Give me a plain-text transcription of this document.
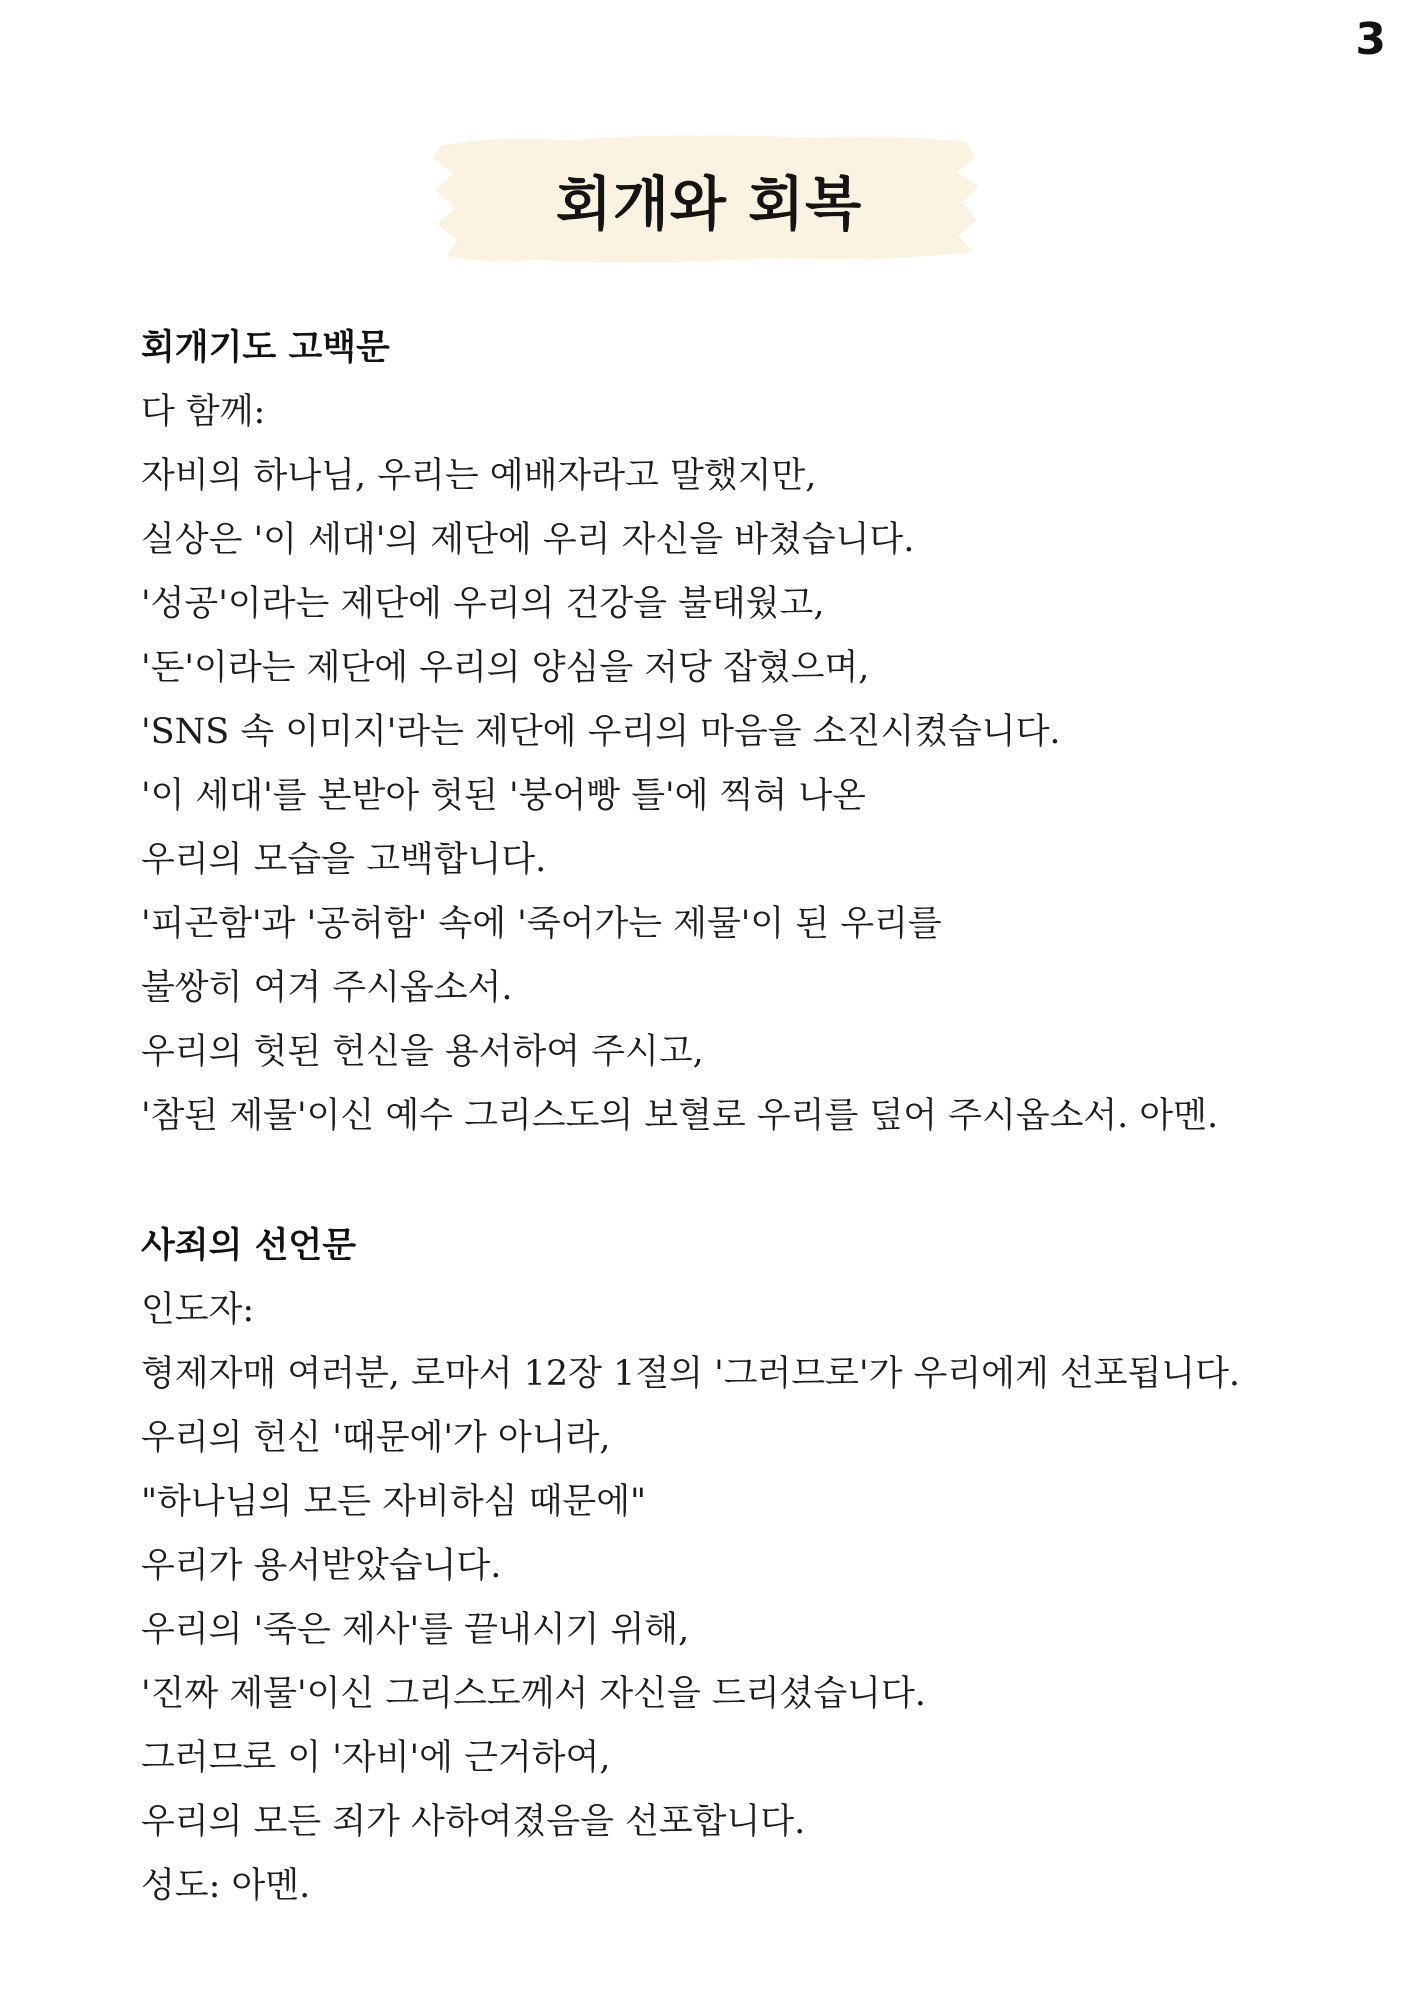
3
회개와 회복
회개기도 고백문
다 함께:
자비의 하나님, 우리는 예배자라고 말했지만,
실상은 '이 세대'의 제단에 우리 자신을 바쳤습니다.
'성공'이라는 제단에 우리의 건강을 불태웠고,
'돈'이라는 제단에 우리의 양심을 저당 잡혔으며,
'SNS 속 이미지'라는 제단에 우리의 마음을 소진시켰습니다.
'이 세대'를 본받아 헛된 '붕어빵 틀'에 찍혀 나온
우리의 모습을 고백합니다.
'피곤함'과 '공허함' 속에 '죽어가는 제물'이 된 우리를
불쌍히 여겨 주시옵소서.
우리의 헛된 헌신을 용서하여 주시고,
'참된 제물'이신 예수 그리스도의 보혈로 우리를 덮어 주시옵소서. 아멘.
사죄의 선언문
인도자:
형제자매 여러분, 로마서 12장 1절의 '그러므로'가 우리에게 선포됩니다.
우리의 헌신 '때문에'가 아니라,
"하나님의 모든 자비하심 때문에"
우리가 용서받았습니다.
우리의 '죽은 제사'를 끝내시기 위해,
'진짜 제물'이신 그리스도께서 자신을 드리셨습니다.
그러므로 이 '자비'에 근거하여,
우리의 모든 죄가 사하여졌음을 선포합니다.
성도: 아멘.
